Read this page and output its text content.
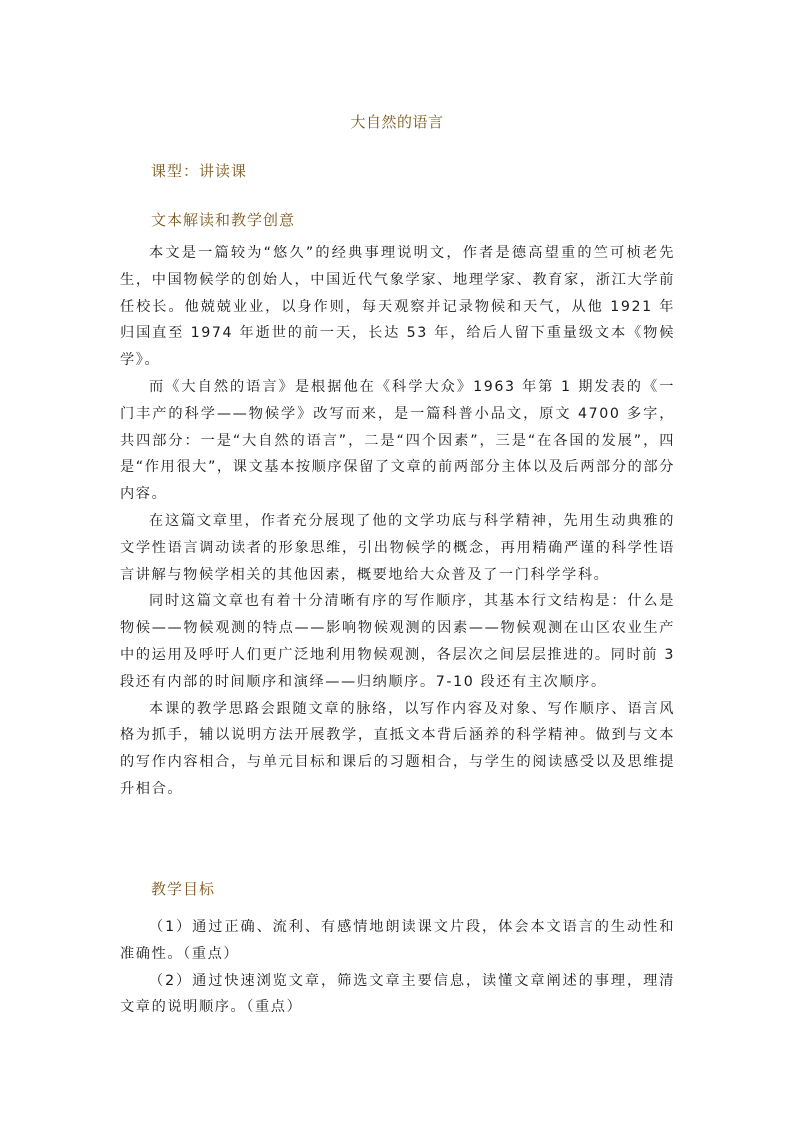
大自然的语言
课型：讲读课
文本解读和教学创意

本文是一篇较为“悠久”的经典事理说明文，作者是德高望重的竺可桢老先生，中国物候学的创始人，中国近代气象学家、地理学家、教育家，浙江大学前任校长。他兢兢业业，以身作则，每天观察并记录物候和天气，从他 1921 年归国直至 1974 年逝世的前一天，长达 53 年，给后人留下重量级文本《物候学》。

而《大自然的语言》是根据他在《科学大众》1963 年第 1 期发表的《一门丰产的科学——物候学》改写而来，是一篇科普小品文，原文 4700 多字，共四部分：一是“大自然的语言”，二是“四个因素”，三是“在各国的发展”，四是“作用很大”，课文基本按顺序保留了文章的前两部分主体以及后两部分的部分内容。

在这篇文章里，作者充分展现了他的文学功底与科学精神，先用生动典雅的文学性语言调动读者的形象思维，引出物候学的概念，再用精确严谨的科学性语言讲解与物候学相关的其他因素，概要地给大众普及了一门科学学科。

同时这篇文章也有着十分清晰有序的写作顺序，其基本行文结构是：什么是物候——物候观测的特点——影响物候观测的因素——物候观测在山区农业生产中的运用及呼吁人们更广泛地利用物候观测，各层次之间层层推进的。同时前 3 段还有内部的时间顺序和演绎——归纳顺序。7-10 段还有主次顺序。

本课的教学思路会跟随文章的脉络，以写作内容及对象、写作顺序、语言风格为抓手，辅以说明方法开展教学，直抵文本背后涵养的科学精神。做到与文本的写作内容相合，与单元目标和课后的习题相合，与学生的阅读感受以及思维提升相合。

教学目标

（1）通过正确、流利、有感情地朗读课文片段，体会本文语言的生动性和准确性。（重点）

（2）通过快速浏览文章，筛选文章主要信息，读懂文章阐述的事理，理清文章的说明顺序。（重点）
